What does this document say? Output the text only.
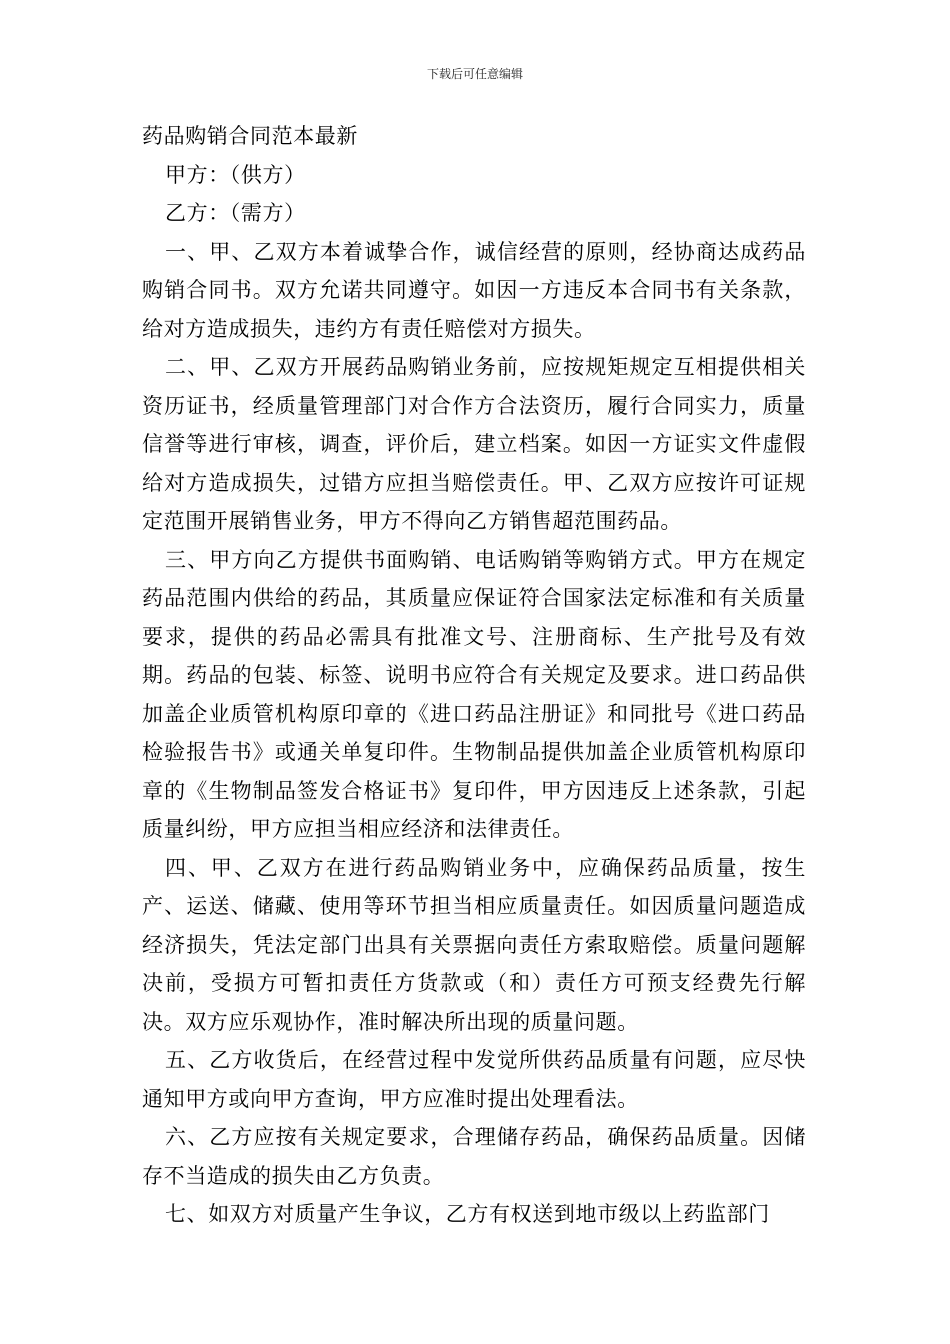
下载后可任意编辑

药品购销合同范本最新

甲方：（供方）

乙方：（需方）

一、甲、乙双方本着诚挚合作，诚信经营的原则，经协商达成药品购销合同书。双方允诺共同遵守。如因一方违反本合同书有关条款，给对方造成损失，违约方有责任赔偿对方损失。

二、甲、乙双方开展药品购销业务前，应按规矩规定互相提供相关资历证书，经质量管理部门对合作方合法资历，履行合同实力，质量信誉等进行审核，调查，评价后，建立档案。如因一方证实文件虚假给对方造成损失，过错方应担当赔偿责任。甲、乙双方应按许可证规定范围开展销售业务，甲方不得向乙方销售超范围药品。

三、甲方向乙方提供书面购销、电话购销等购销方式。甲方在规定药品范围内供给的药品，其质量应保证符合国家法定标准和有关质量要求，提供的药品必需具有批准文号、注册商标、生产批号及有效期。药品的包装、标签、说明书应符合有关规定及要求。进口药品供加盖企业质管机构原印章的《进口药品注册证》和同批号《进口药品检验报告书》或通关单复印件。生物制品提供加盖企业质管机构原印章的《生物制品签发合格证书》复印件，甲方因违反上述条款，引起质量纠纷，甲方应担当相应经济和法律责任。

四、甲、乙双方在进行药品购销业务中，应确保药品质量，按生产、运送、储藏、使用等环节担当相应质量责任。如因质量问题造成经济损失，凭法定部门出具有关票据向责任方索取赔偿。质量问题解决前，受损方可暂扣责任方货款或（和）责任方可预支经费先行解决。双方应乐观协作，准时解决所出现的质量问题。

五、乙方收货后，在经营过程中发觉所供药品质量有问题，应尽快通知甲方或向甲方查询，甲方应准时提出处理看法。

六、乙方应按有关规定要求，合理储存药品，确保药品质量。因储存不当造成的损失由乙方负责。

七、如双方对质量产生争议，乙方有权送到地市级以上药监部门
